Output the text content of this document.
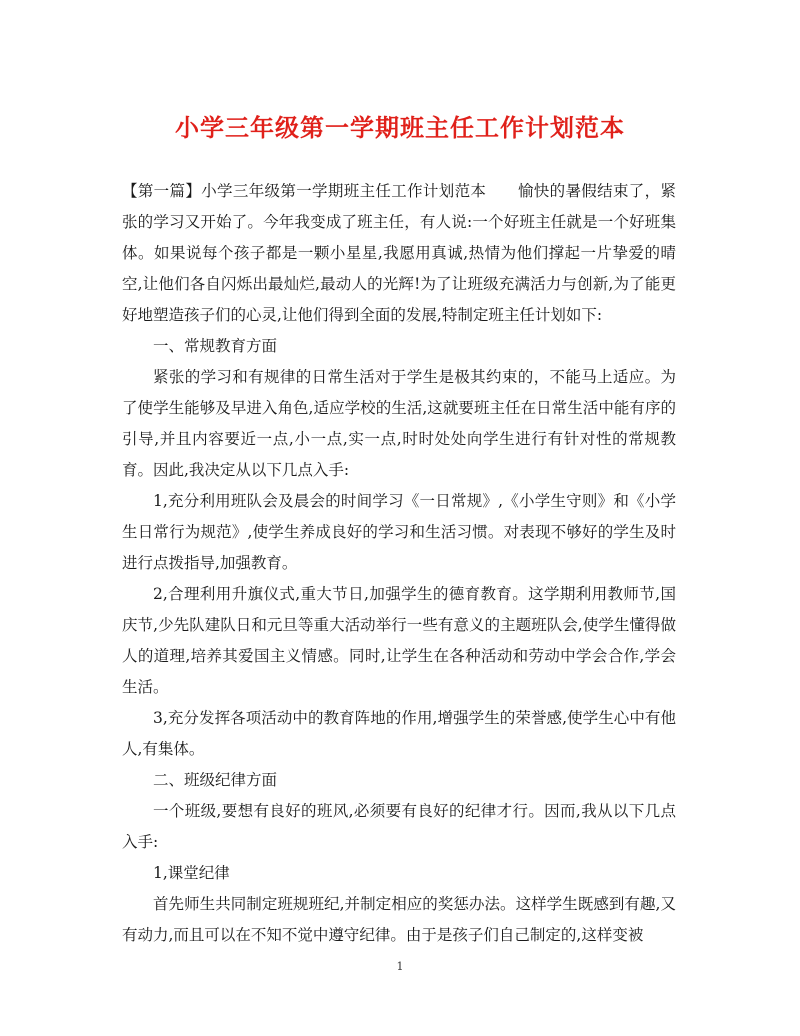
小学三年级第一学期班主任工作计划范本

【第一篇】小学三年级第一学期班主任工作计划范本　　愉快的暑假结束了，紧张的学习又开始了。今年我变成了班主任，有人说:一个好班主任就是一个好班集体。如果说每个孩子都是一颗小星星,我愿用真诚,热情为他们撑起一片挚爱的晴空,让他们各自闪烁出最灿烂,最动人的光辉!为了让班级充满活力与创新,为了能更好地塑造孩子们的心灵,让他们得到全面的发展,特制定班主任计划如下:

一、常规教育方面

紧张的学习和有规律的日常生活对于学生是极其约束的，不能马上适应。为了使学生能够及早进入角色,适应学校的生活,这就要班主任在日常生活中能有序的引导,并且内容要近一点,小一点,实一点,时时处处向学生进行有针对性的常规教育。因此,我决定从以下几点入手:

1,充分利用班队会及晨会的时间学习《一日常规》,《小学生守则》和《小学生日常行为规范》,使学生养成良好的学习和生活习惯。对表现不够好的学生及时进行点拨指导,加强教育。

2,合理利用升旗仪式,重大节日,加强学生的德育教育。这学期利用教师节,国庆节,少先队建队日和元旦等重大活动举行一些有意义的主题班队会,使学生懂得做人的道理,培养其爱国主义情感。同时,让学生在各种活动和劳动中学会合作,学会生活。

3,充分发挥各项活动中的教育阵地的作用,增强学生的荣誉感,使学生心中有他人,有集体。

二、班级纪律方面

一个班级,要想有良好的班风,必须要有良好的纪律才行。因而,我从以下几点入手:

1,课堂纪律

首先师生共同制定班规班纪,并制定相应的奖惩办法。这样学生既感到有趣,又有动力,而且可以在不知不觉中遵守纪律。由于是孩子们自己制定的,这样变被

1
